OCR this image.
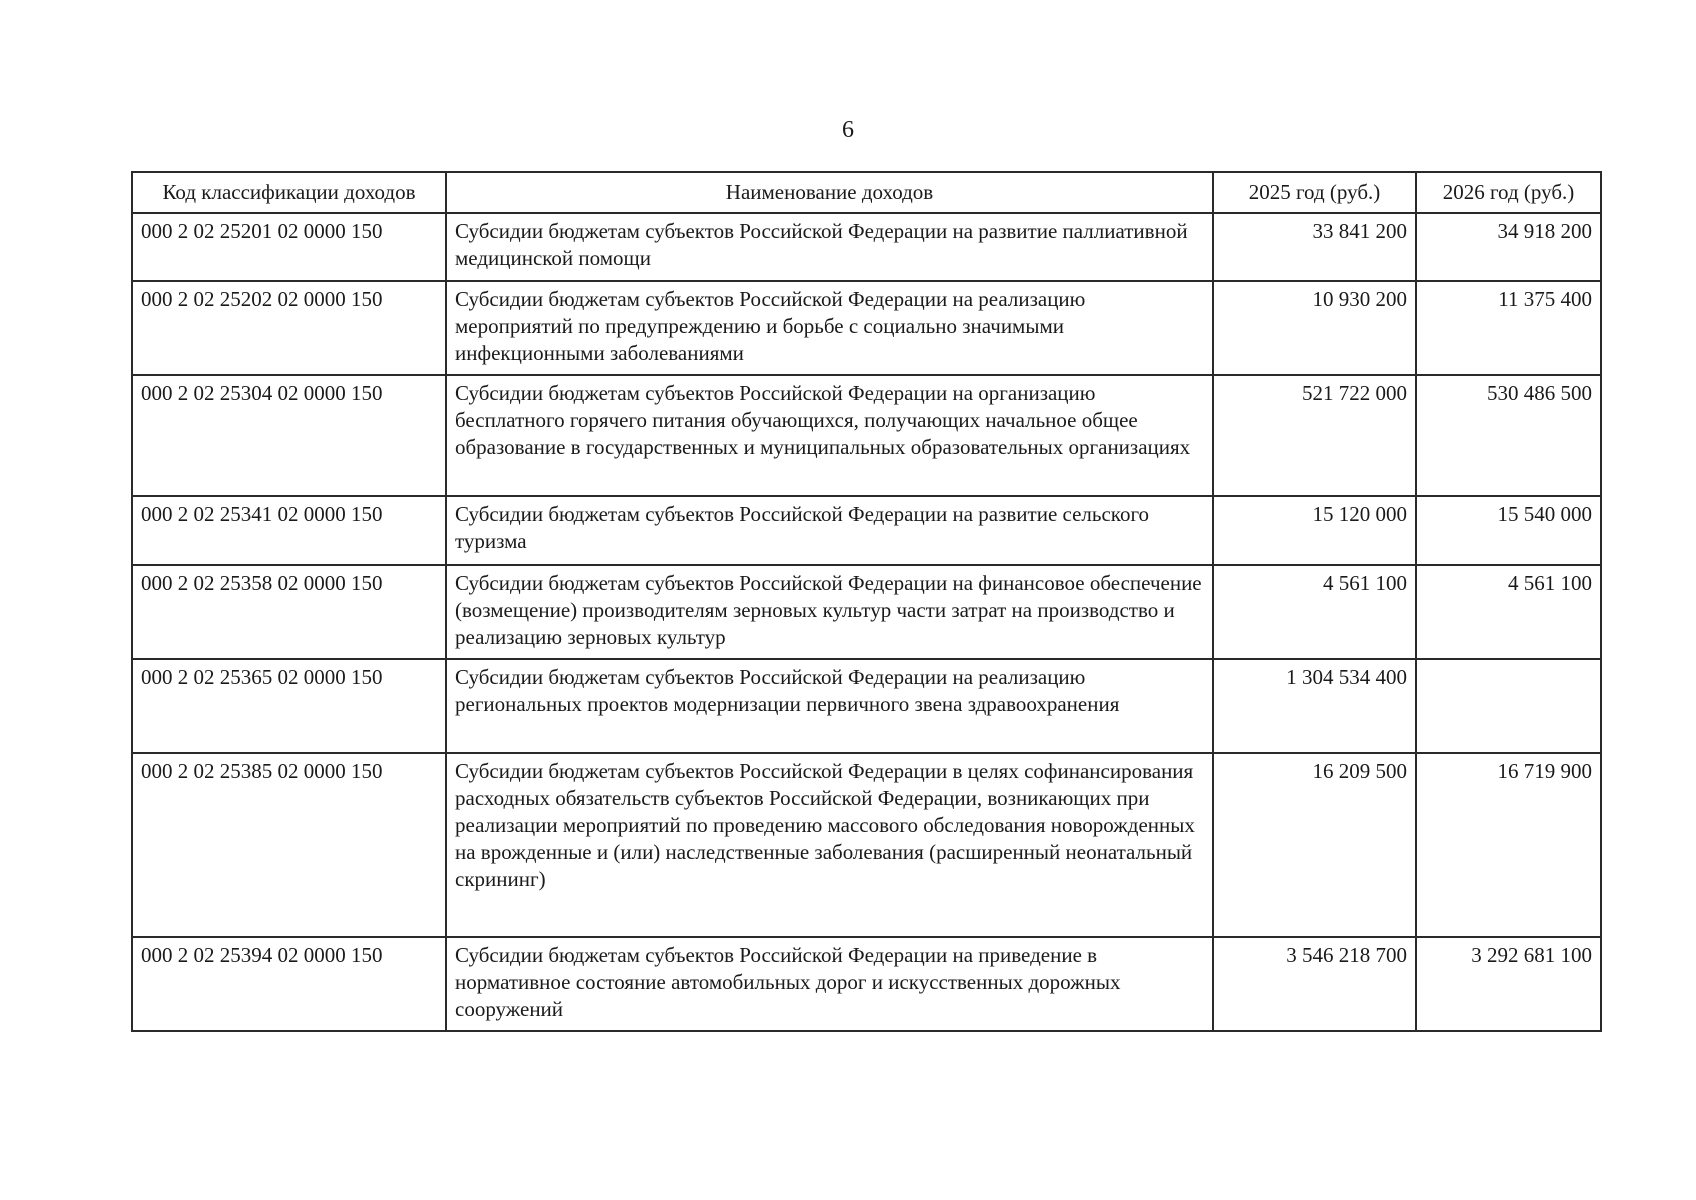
6
Код классификации доходов	Наименование доходов	2025 год (руб.)	2026 год (руб.)
000 2 02 25201 02 0000 150	Субсидии бюджетам субъектов Российской Федерации на развитие паллиативной медицинской помощи	33 841 200	34 918 200
000 2 02 25202 02 0000 150	Субсидии бюджетам субъектов Российской Федерации на реализацию мероприятий по предупреждению и борьбе с социально значимыми инфекционными заболеваниями	10 930 200	11 375 400
000 2 02 25304 02 0000 150	Субсидии бюджетам субъектов Российской Федерации на организацию бесплатного горячего питания обучающихся, получающих начальное общее образование в государственных и муниципальных образовательных организациях	521 722 000	530 486 500
000 2 02 25341 02 0000 150	Субсидии бюджетам субъектов Российской Федерации на развитие сельского туризма	15 120 000	15 540 000
000 2 02 25358 02 0000 150	Субсидии бюджетам субъектов Российской Федерации на финансовое обеспечение (возмещение) производителям зерновых культур части затрат на производство и реализацию зерновых культур	4 561 100	4 561 100
000 2 02 25365 02 0000 150	Субсидии бюджетам субъектов Российской Федерации на реализацию региональных проектов модернизации первичного звена здравоохранения	1 304 534 400	
000 2 02 25385 02 0000 150	Субсидии бюджетам субъектов Российской Федерации в целях софинансирования расходных обязательств субъектов Российской Федерации, возникающих при реализации мероприятий по проведению массового обследования новорожденных на врожденные и (или) наследственные заболевания (расширенный неонатальный скрининг)	16 209 500	16 719 900
000 2 02 25394 02 0000 150	Субсидии бюджетам субъектов Российской Федерации на приведение в нормативное состояние автомобильных дорог и искусственных дорожных сооружений	3 546 218 700	3 292 681 100
